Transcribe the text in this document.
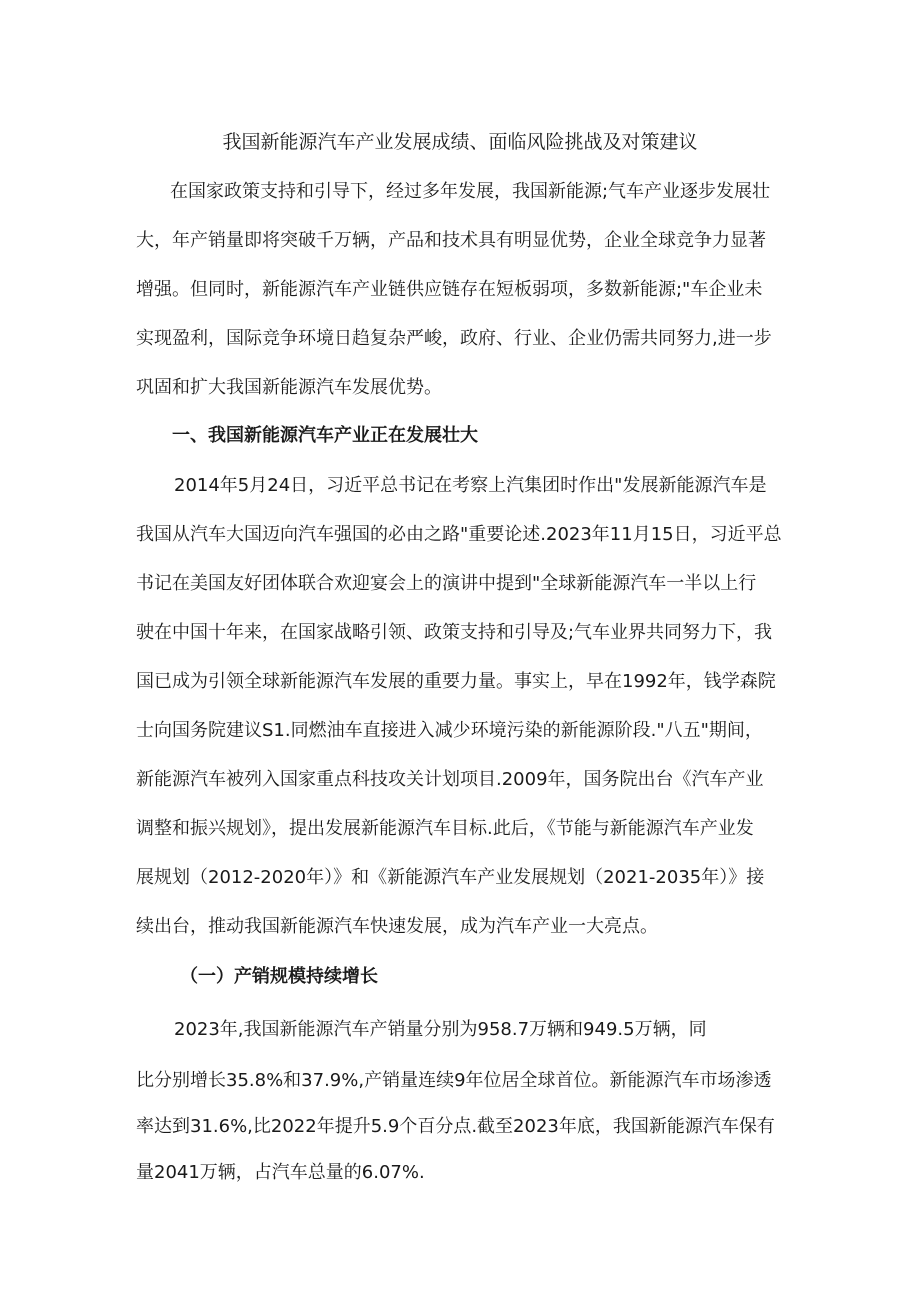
我国新能源汽车产业发展成绩、面临风险挑战及对策建议
在国家政策支持和引导下，经过多年发展，我国新能源;气车产业逐步发展壮
大，年产销量即将突破千万辆，产品和技术具有明显优势，企业全球竞争力显著
增强。但同时，新能源汽车产业链供应链存在短板弱项，多数新能源;"车企业未
实现盈利，国际竞争环境日趋复杂严峻，政府、行业、企业仍需共同努力,进一步
巩固和扩大我国新能源汽车发展优势。
一、我国新能源汽车产业正在发展壮大
2014年5月24日，习近平总书记在考察上汽集团时作出"发展新能源汽车是
我国从汽车大国迈向汽车强国的必由之路"重要论述.2023年11月15日，习近平总
书记在美国友好团体联合欢迎宴会上的演讲中提到"全球新能源汽车一半以上行
驶在中国十年来，在国家战略引领、政策支持和引导及;气车业界共同努力下，我
国已成为引领全球新能源汽车发展的重要力量。事实上，早在1992年，钱学森院
士向国务院建议S1.同燃油车直接进入减少环境污染的新能源阶段."八五"期间，
新能源汽车被列入国家重点科技攻关计划项目.2009年，国务院出台《汽车产业
调整和振兴规划》，提出发展新能源汽车目标.此后，《节能与新能源汽车产业发
展规划（2012-2020年）》和《新能源汽车产业发展规划（2021-2035年）》接
续出台，推动我国新能源汽车快速发展，成为汽车产业一大亮点。
（一）产销规模持续增长
2023年,我国新能源汽车产销量分别为958.7万辆和949.5万辆，同
比分别增长35.8%和37.9%,产销量连续9年位居全球首位。新能源汽车市场渗透
率达到31.6%,比2022年提升5.9个百分点.截至2023年底，我国新能源汽车保有
量2041万辆，占汽车总量的6.07%.
